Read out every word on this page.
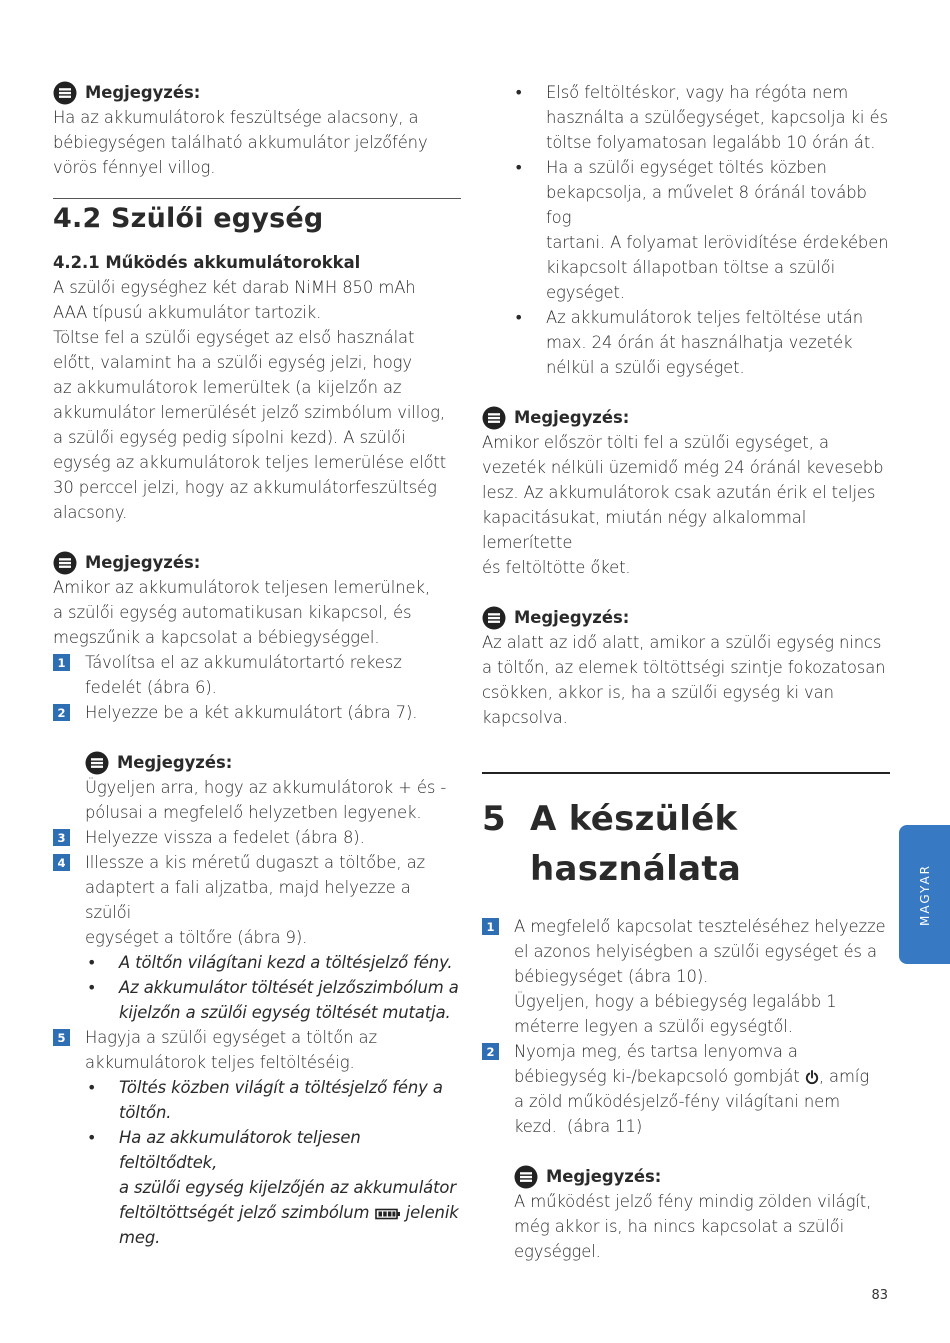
Megjegyzés:

Ha az akkumulátorok feszültsége alacsony, a

bébiegységen található akkumulátor jelzőfény

vörös fénnyel villog.

4.2 Szülői egység

4.2.1 Működés akkumulátorokkal

A szülői egységhez két darab NiMH 850 mAh

AAA típusú akkumulátor tartozik.

Töltse fel a szülői egységet az első használat

előtt, valamint ha a szülői egység jelzi, hogy

az akkumulátorok lemerültek (a kijelzőn az

akkumulátor lemerülését jelző szimbólum villog,

a szülői egység pedig sípolni kezd). A szülői

egység az akkumulátorok teljes lemerülése előtt

30 perccel jelzi, hogy az akkumulátorfeszültség

alacsony.

Megjegyzés:

Amikor az akkumulátorok teljesen lemerülnek,

a szülői egység automatikusan kikapcsol, és

megszűnik a kapcsolat a bébiegységgel.

1 Távolítsa el az akkumulátortartó rekesz

fedelét (ábra 6).

2 Helyezze be a két akkumulátort (ábra 7).

Megjegyzés:

Ügyeljen arra, hogy az akkumulátorok + és -

pólusai a megfelelő helyzetben legyenek.

3 Helyezze vissza a fedelet (ábra 8).

4 Illessze a kis méretű dugaszt a töltőbe, az

adaptert a fali aljzatba, majd helyezze a szülői

egységet a töltőre (ábra 9).

•	A töltőn világítani kezd a töltésjelző fény.

•	Az akkumulátor töltését jelzőszimbólum a

kijelzőn a szülői egység töltését mutatja.

5 Hagyja a szülői egységet a töltőn az

akkumulátorok teljes feltöltéséig.

•	Töltés közben világít a töltésjelző fény a

töltőn.

•	Ha az akkumulátorok teljesen feltöltődtek,

a szülői egység kijelzőjén az akkumulátor

feltöltöttségét jelző szimbólum jelenik

meg.

•	Első feltöltéskor, vagy ha régóta nem

használta a szülőegységet, kapcsolja ki és

töltse folyamatosan legalább 10 órán át.

•	Ha a szülői egységet töltés közben

bekapcsolja, a művelet 8 óránál tovább fog

tartani. A folyamat lerövidítése érdekében

kikapcsolt állapotban töltse a szülői

egységet.

•	Az akkumulátorok teljes feltöltése után

max. 24 órán át használhatja vezeték

nélkül a szülői egységet.

Megjegyzés:

Amikor először tölti fel a szülői egységet, a

vezeték nélküli üzemidő még 24 óránál kevesebb

lesz. Az akkumulátorok csak azután érik el teljes

kapacitásukat, miután négy alkalommal lemerítette

és feltöltötte őket.

Megjegyzés:

Az alatt az idő alatt, amikor a szülői egység nincs

a töltőn, az elemek töltöttségi szintje fokozatosan

csökken, akkor is, ha a szülői egység ki van

kapcsolva.

5 A készülék
használata
1 A megfelelő kapcsolat teszteléséhez helyezze

el azonos helyiségben a szülői egységet és a

bébiegységet (ábra 10).

Ügyeljen, hogy a bébiegység legalább 1

méterre legyen a szülői egységtől.

2 Nyomja meg, és tartsa lenyomva a

bébiegység ki-/bekapcsoló gombját , amíg

a zöld működésjelző-fény világítani nem

kezd.  (ábra 11)

Megjegyzés:

A működést jelző fény mindig zölden világít,

még akkor is, ha nincs kapcsolat a szülői

egységgel.

MAGYAR
83
